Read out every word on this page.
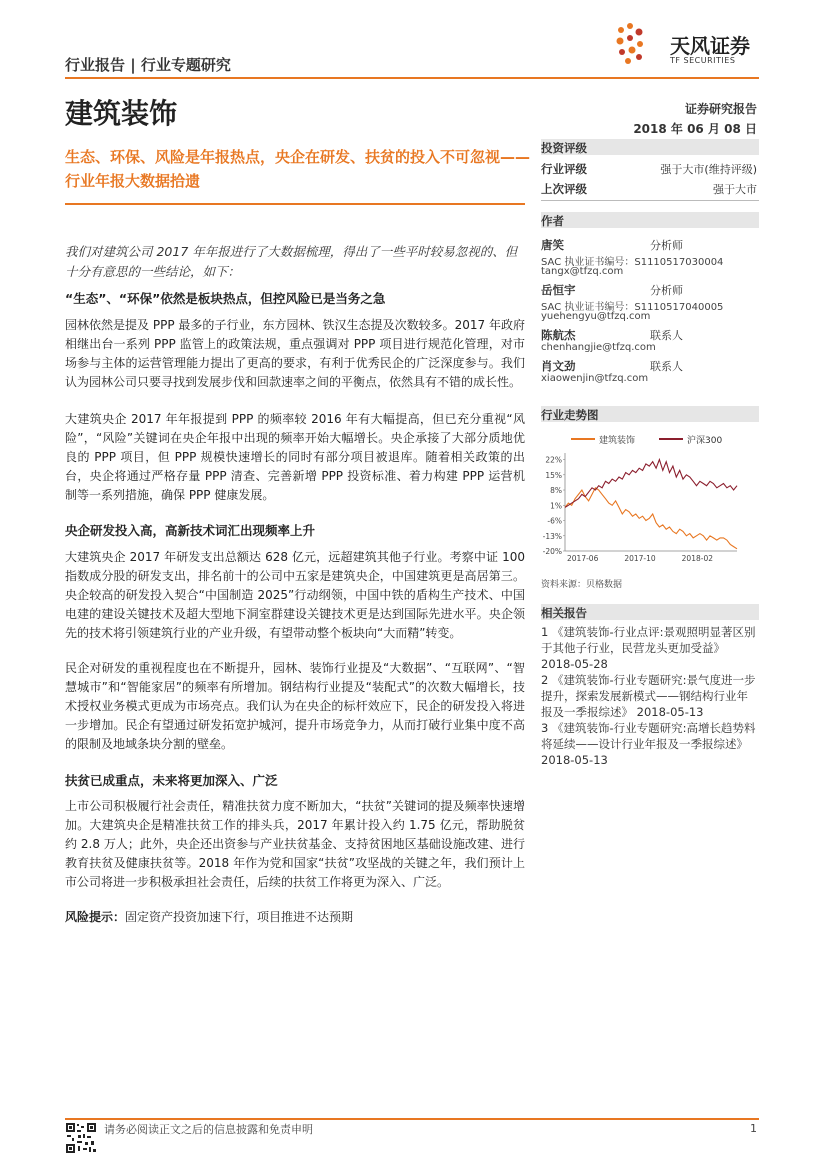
行业报告 | 行业专题研究
天风证券
TF SECURITIES
建筑装饰	证券研究报告
2018 年 06 月 08 日
生态、环保、风险是年报热点，央企在研发、扶贫的投入不可忽视——行业年报大数据拾遗
我们对建筑公司 2017 年年报进行了大数据梳理，得出了一些平时较易忽视的、但十分有意思的一些结论，如下：
“生态”、“环保”依然是板块热点，但控风险已是当务之急
园林依然是提及 PPP 最多的子行业，东方园林、铁汉生态提及次数较多。2017 年政府相继出台一系列 PPP 监管上的政策法规，重点强调对 PPP 项目进行规范化管理，对市场参与主体的运营管理能力提出了更高的要求，有利于优秀民企的广泛深度参与。我们认为园林公司只要寻找到发展步伐和回款速率之间的平衡点，依然具有不错的成长性。
大建筑央企 2017 年年报提到 PPP 的频率较 2016 年有大幅提高，但已充分重视“风险”，“风险”关键词在央企年报中出现的频率开始大幅增长。央企承接了大部分质地优良的 PPP 项目，但 PPP 规模快速增长的同时有部分项目被退库。随着相关政策的出台，央企将通过严格存量 PPP 清查、完善新增 PPP 投资标准、着力构建 PPP 运营机制等一系列措施，确保 PPP 健康发展。
央企研发投入高，高新技术词汇出现频率上升
大建筑央企 2017 年研发支出总额达 628 亿元，远超建筑其他子行业。考察中证 100 指数成分股的研发支出，排名前十的公司中五家是建筑央企，中国建筑更是高居第三。央企较高的研发投入契合“中国制造 2025”行动纲领，中国中铁的盾构生产技术、中国电建的建设关键技术及超大型地下洞室群建设关键技术更是达到国际先进水平。央企领先的技术将引领建筑行业的产业升级，有望带动整个板块向“大而精”转变。
民企对研发的重视程度也在不断提升，园林、装饰行业提及“大数据”、“互联网”、“智慧城市”和“智能家居”的频率有所增加。钢结构行业提及“装配式”的次数大幅增长，技术授权业务模式更成为市场亮点。我们认为在央企的标杆效应下，民企的研发投入将进一步增加。民企有望通过研发拓宽护城河，提升市场竞争力，从而打破行业集中度不高的限制及地域条块分割的壁垒。
扶贫已成重点，未来将更加深入、广泛
上市公司积极履行社会责任，精准扶贫力度不断加大，“扶贫”关键词的提及频率快速增加。大建筑央企是精准扶贫工作的排头兵，2017 年累计投入约 1.75 亿元，帮助脱贫约 2.8 万人；此外，央企还出资参与产业扶贫基金、支持贫困地区基础设施改建、进行教育扶贫及健康扶贫等。2018 年作为党和国家“扶贫”攻坚战的关键之年，我们预计上市公司将进一步积极承担社会责任，后续的扶贫工作将更为深入、广泛。
风险提示：固定资产投资加速下行，项目推进不达预期
投资评级
行业评级	强于大市(维持评级)
上次评级	强于大市
作者
唐笑	分析师
SAC 执业证书编号：S1110517030004
tangx@tfzq.com
岳恒宇	分析师
SAC 执业证书编号：S1110517040005
yuehengyu@tfzq.com
陈航杰	联系人
chenhangjie@tfzq.com
肖文劲	联系人
xiaowenjin@tfzq.com
行业走势图
建筑装饰	沪深300
22%
15%
8%
1%
-6%
-13%
-20%
2017-06	2017-10	2018-02
资料来源：贝格数据
相关报告
1 《建筑装饰-行业点评:景观照明显著区别于其他子行业，民营龙头更加受益》 2018-05-28
2 《建筑装饰-行业专题研究:景气度进一步提升，探索发展新模式——钢结构行业年报及一季报综述》 2018-05-13
3 《建筑装饰-行业专题研究:高增长趋势料将延续——设计行业年报及一季报综述》 2018-05-13
请务必阅读正文之后的信息披露和免责申明	1
